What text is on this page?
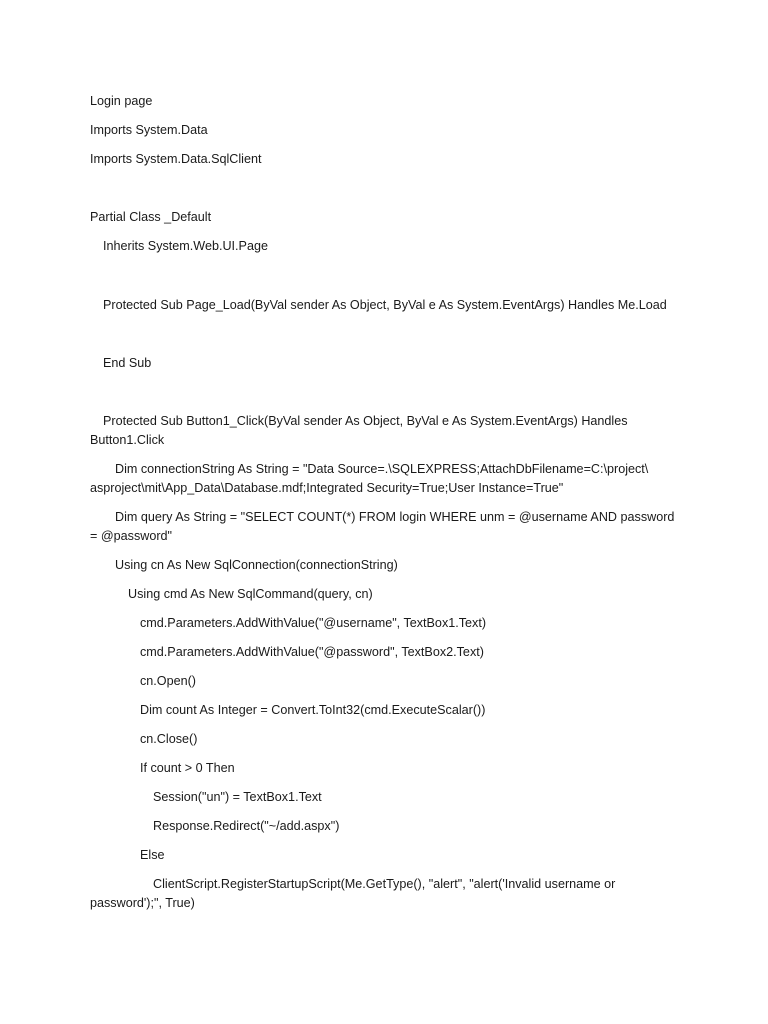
Login page
Imports System.Data
Imports System.Data.SqlClient
Partial Class _Default
Inherits System.Web.UI.Page
Protected Sub Page_Load(ByVal sender As Object, ByVal e As System.EventArgs) Handles Me.Load
End Sub
Protected Sub Button1_Click(ByVal sender As Object, ByVal e As System.EventArgs) Handles Button1.Click
Dim connectionString As String = "Data Source=.\SQLEXPRESS;AttachDbFilename=C:\project\ asproject\mit\App_Data\Database.mdf;Integrated Security=True;User Instance=True"
Dim query As String = "SELECT COUNT(*) FROM login WHERE unm = @username AND password = @password"
Using cn As New SqlConnection(connectionString)
Using cmd As New SqlCommand(query, cn)
cmd.Parameters.AddWithValue("@username", TextBox1.Text)
cmd.Parameters.AddWithValue("@password", TextBox2.Text)
cn.Open()
Dim count As Integer = Convert.ToInt32(cmd.ExecuteScalar())
cn.Close()
If count > 0 Then
Session("un") = TextBox1.Text
Response.Redirect("~/add.aspx")
Else
ClientScript.RegisterStartupScript(Me.GetType(), "alert", "alert('Invalid username or password');", True)
